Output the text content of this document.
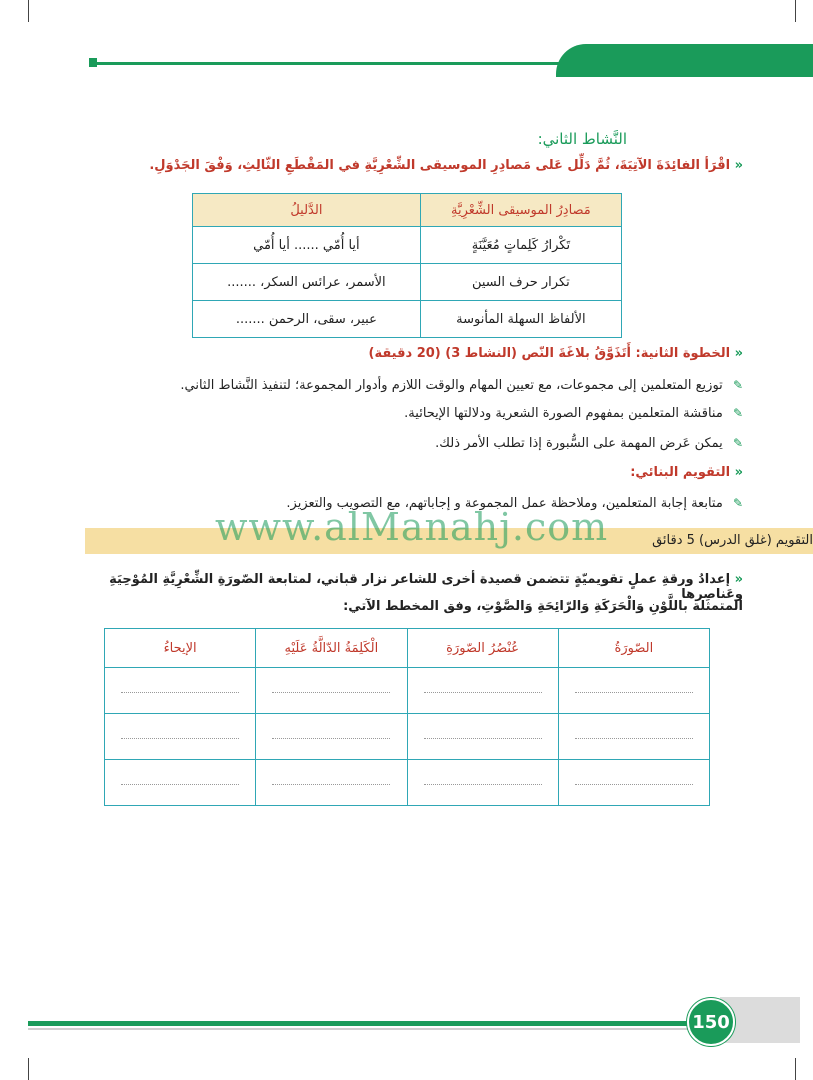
النَّشاط الثاني:
« اقْرَأ الفائِدَةَ الآتِيَةَ، ثُمَّ دَلِّل عَلى مَصادِرِ الموسيقى الشِّعْرِيَّةِ في المَقْطَعِ الثّالِثِ، وَفْقَ الجَدْوَلِ.
مَصادِرُ الموسيقى الشِّعْرِيَّةِ	الدَّليلُ
تَكْرارُ كَلِماتٍ مُعَيَّنَةٍ	أيا أُمّي ...... أيا أُمّي
تكرار حرف السين	الأسمر، عرائس السكر، .......
الألفاظ السهلة المأنوسة	عبير، سقى، الرحمن .......
« الخطوة الثانية: أَتَذَوَّقُ بلاغَةَ النّص (النشاط 3) (20 دقيقة)
✎ توزيع المتعلمين إلى مجموعات، مع تعيين المهام والوقت اللازم وأدوار المجموعة؛ لتنفيذ النَّشاط الثاني.
✎ مناقشة المتعلمين بمفهوم الصورة الشعرية ودلالتها الإيحائية.
✎ يمكن عَرض المهمة على السُّبورة إذا تطلب الأمر ذلك.
« التقويم البنائي:
✎ متابعة إجابة المتعلمين، وملاحظة عمل المجموعة و إجاباتهم، مع التصويب والتعزيز.
التقويم (غلق الدرس) 5 دقائق
www.alManahj.com
« إعدادُ ورقةِ عملٍ تقويميّةٍ تتضمن قصيدة أخرى للشاعر نزار قباني، لمتابعة الصّورَةِ الشِّعْرِيَّةِ المُوْحِيَةِ وعَناصِرها
المتمثلة باللَّوْنِ وَالْحَرَكَةِ وَالرّائِحَةِ وَالصَّوْتِ، وفق المخطط الآتي:
الصّورَةُ	عُنْصُرُ الصّورَةِ	الْكَلِمَةُ الدّالَّةُ عَلَيْهِ	الإيحاءُ

150
